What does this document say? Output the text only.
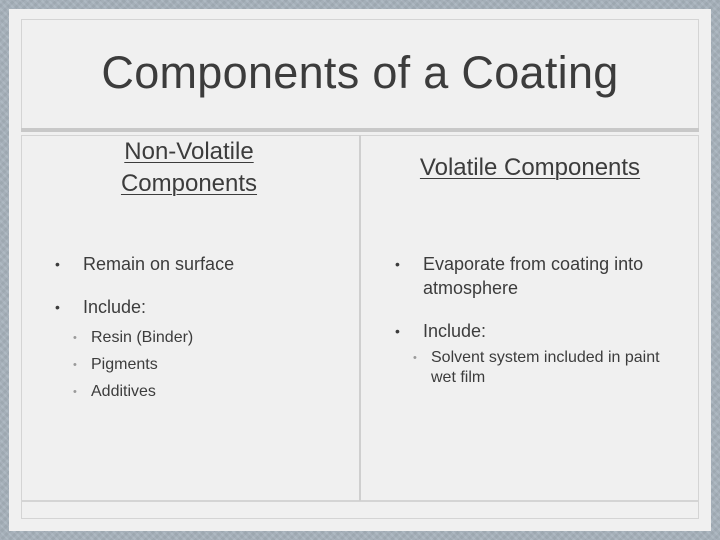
Components of a Coating
Non-Volatile Components
• Remain on surface
• Include:
• Resin (Binder)
• Pigments
• Additives
Volatile Components
• Evaporate from coating into atmosphere
• Include:
• Solvent system included in paint wet film
